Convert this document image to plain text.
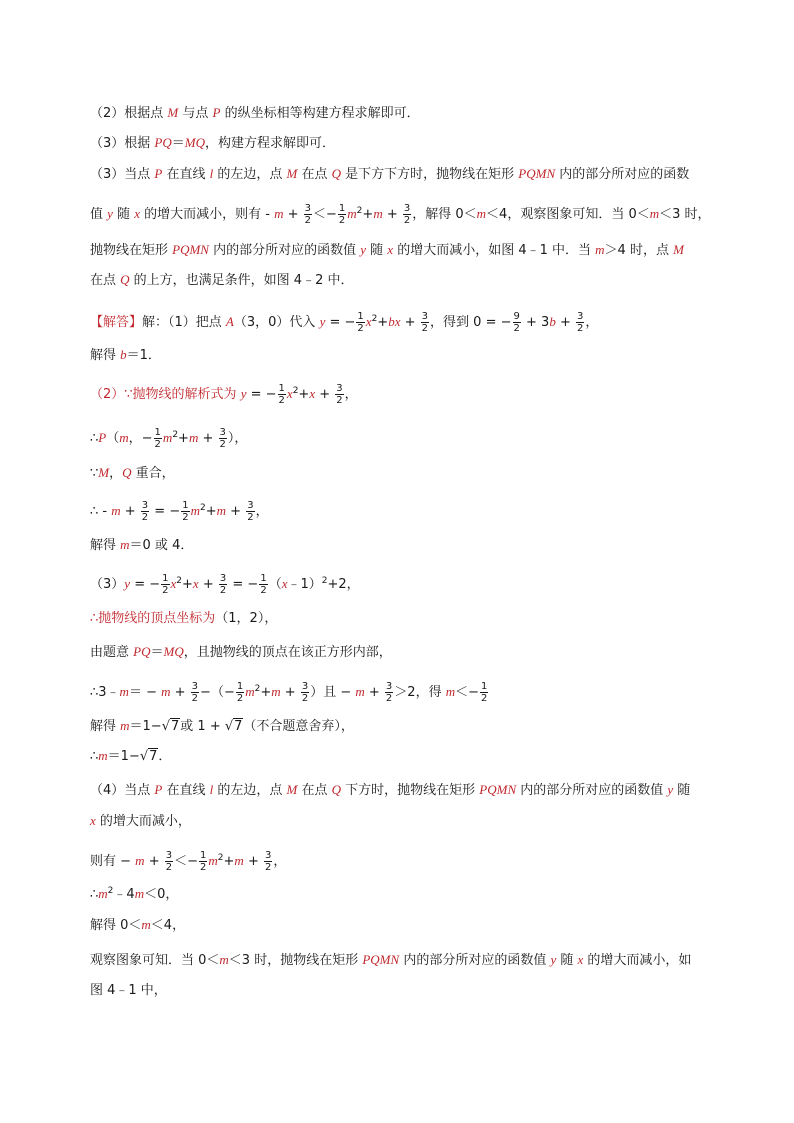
（2）根据点 M 与点 P 的纵坐标相等构建方程求解即可．
（3）根据 PQ＝MQ，构建方程求解即可．
（3）当点 P 在直线 l 的左边，点 M 在点 Q 是下方下方时，抛物线在矩形 PQMN 内的部分所对应的函数
值 y 随 x 的增大而减小，则有 - $m + \frac{3}{2} <- \frac{1}{2} m^2+m + \frac{3}{2}$ ，解得 0＜m＜4，观察图象可知．当 0＜m＜3 时，
抛物线在矩形 PQMN 内的部分所对应的函数值 y 随 x 的增大而减小，如图 4﹣1 中．当 m＞4 时，点 M
在点 Q 的上方，也满足条件，如图 4﹣2 中．
【解答】解：（1）把点 A（3，0）代入 y = − $\frac{1}{2} x^2+bx + \frac{3}{2}$ ，得到 0 = − $\frac{9}{2} + 3b + \frac{3}{2}$ ，
解得 b＝1．
（2）∵抛物线的解析式为 y = − $\frac{1}{2} x^2+x + \frac{3}{2}$ ，
∴P（m，− $\frac{1}{2} m^2+m + \frac{3}{2}$ ），
∵M，Q 重合，
∴ - $m + \frac{3}{2}$ = − $\frac{1}{2} m^2+m + \frac{3}{2}$ ，
解得 m＝0 或 4．
（3）y = − $\frac{1}{2} x^2+x + \frac{3}{2}$ = − $\frac{1}{2}$ （x﹣1）$^2$+2，
∴抛物线的顶点坐标为（1，2），
由题意 PQ＝MQ，且抛物线的顶点在该正方形内部，
∴3﹣m＝ − $m + \frac{3}{2}$ −（− $\frac{1}{2} m^2+m + \frac{3}{2}$ ）且 − $m + \frac{3}{2} >2$，得 $m<- \frac{1}{2}$
解得 m＝1−√7或 1 + √7（不合题意舍弃），
∴m＝1−√7．
（4）当点 P 在直线 l 的左边，点 M 在点 Q 下方时，抛物线在矩形 PQMN 内的部分所对应的函数值 y 随
x 的增大而减小，
则有 − $m + \frac{3}{2} <- \frac{1}{2} m^2+m + \frac{3}{2}$ ，
$\therefore m^2﹣4m<0$，
解得 0＜m＜4，
观察图象可知．当 0＜m＜3 时，抛物线在矩形 PQMN 内的部分所对应的函数值 y 随 x 的增大而减小，如
图 4﹣1 中，
